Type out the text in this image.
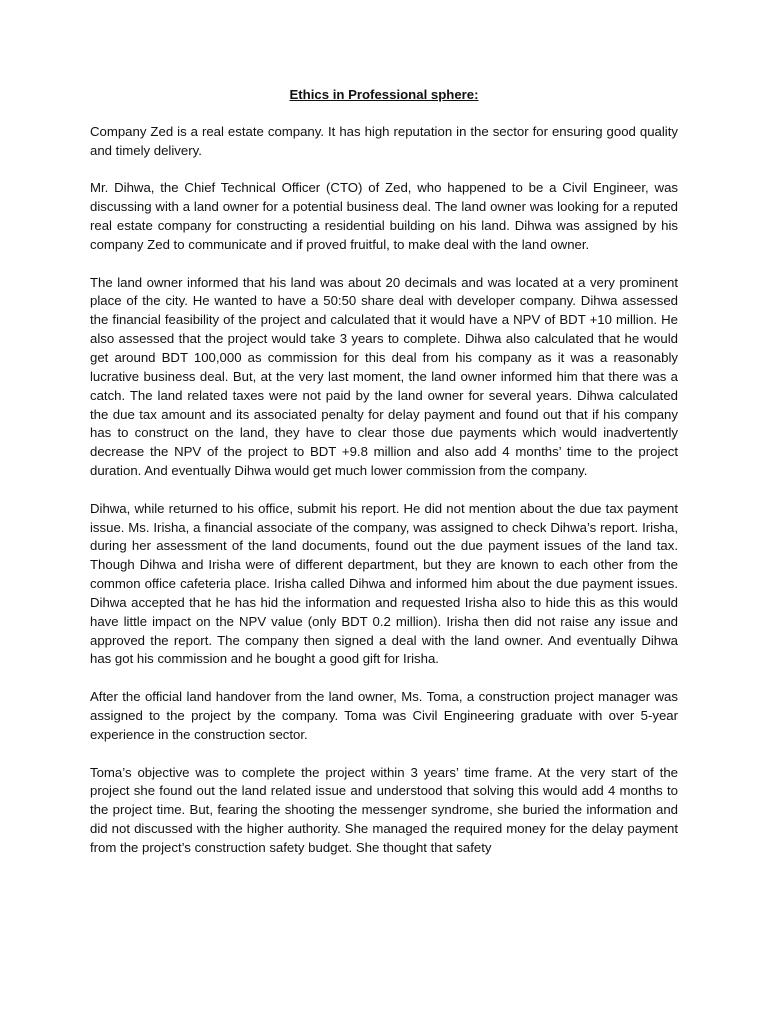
Ethics in Professional sphere:

Company Zed is a real estate company. It has high reputation in the sector for ensuring good quality and timely delivery.

Mr. Dihwa, the Chief Technical Officer (CTO) of Zed, who happened to be a Civil Engineer, was discussing with a land owner for a potential business deal. The land owner was looking for a reputed real estate company for constructing a residential building on his land. Dihwa was assigned by his company Zed to communicate and if proved fruitful, to make deal with the land owner.

The land owner informed that his land was about 20 decimals and was located at a very prominent place of the city. He wanted to have a 50:50 share deal with developer company. Dihwa assessed the financial feasibility of the project and calculated that it would have a NPV of BDT +10 million. He also assessed that the project would take 3 years to complete. Dihwa also calculated that he would get around BDT 100,000 as commission for this deal from his company as it was a reasonably lucrative business deal. But, at the very last moment, the land owner informed him that there was a catch. The land related taxes were not paid by the land owner for several years. Dihwa calculated the due tax amount and its associated penalty for delay payment and found out that if his company has to construct on the land, they have to clear those due payments which would inadvertently decrease the NPV of the project to BDT +9.8 million and also add 4 months’ time to the project duration. And eventually Dihwa would get much lower commission from the company.

Dihwa, while returned to his office, submit his report. He did not mention about the due tax payment issue. Ms. Irisha, a financial associate of the company, was assigned to check Dihwa’s report. Irisha, during her assessment of the land documents, found out the due payment issues of the land tax. Though Dihwa and Irisha were of different department, but they are known to each other from the common office cafeteria place. Irisha called Dihwa and informed him about the due payment issues. Dihwa accepted that he has hid the information and requested Irisha also to hide this as this would have little impact on the NPV value (only BDT 0.2 million). Irisha then did not raise any issue and approved the report. The company then signed a deal with the land owner. And eventually Dihwa has got his commission and he bought a good gift for Irisha.

After the official land handover from the land owner, Ms. Toma, a construction project manager was assigned to the project by the company. Toma was Civil Engineering graduate with over 5-year experience in the construction sector.

Toma’s objective was to complete the project within 3 years’ time frame. At the very start of the project she found out the land related issue and understood that solving this would add 4 months to the project time. But, fearing the shooting the messenger syndrome, she buried the information and did not discussed with the higher authority. She managed the required money for the delay payment from the project’s construction safety budget. She thought that safety
